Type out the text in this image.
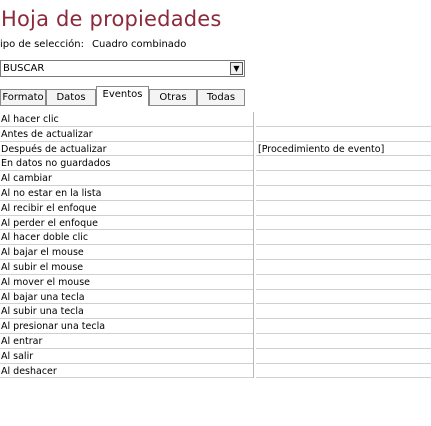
Hoja de propiedades
ipo de selección: Cuadro combinado
BUSCAR	▼
Formato	Datos	Eventos	Otras	Todas
Al hacer clic
Antes de actualizar
Después de actualizar	[Procedimiento de evento]
En datos no guardados
Al cambiar
Al no estar en la lista
Al recibir el enfoque
Al perder el enfoque
Al hacer doble clic
Al bajar el mouse
Al subir el mouse
Al mover el mouse
Al bajar una tecla
Al subir una tecla
Al presionar una tecla
Al entrar
Al salir
Al deshacer
